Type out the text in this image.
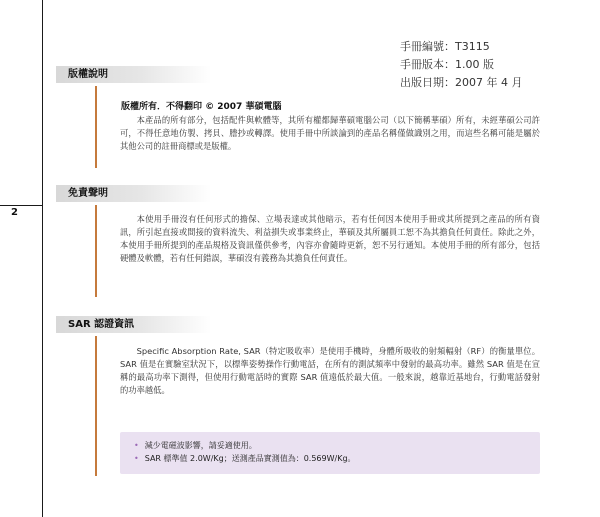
2
手冊編號：T3115
手冊版本：1.00 版
出版日期：2007 年 4 月
版權說明
版權所有．不得翻印 © 2007 華碩電腦

本產品的所有部分，包括配件與軟體等，其所有權都歸華碩電腦公司（以下簡稱華碩）所有，未經華碩公司許可，不得任意地仿製、拷貝、謄抄或轉譯。使用手冊中所談論到的產品名稱僅做識別之用，而這些名稱可能是屬於其他公司的註冊商標或是版權。

免責聲明

本使用手冊沒有任何形式的擔保、立場表達或其他暗示，若有任何因本使用手冊或其所提到之產品的所有資訊，所引起直接或間接的資料流失、利益損失或事業終止，華碩及其所屬員工恕不為其擔負任何責任。除此之外，本使用手冊所提到的產品規格及資訊僅供參考，內容亦會隨時更新，恕不另行通知。本使用手冊的所有部分，包括硬體及軟體，若有任何錯誤，華碩沒有義務為其擔負任何責任。

SAR 認證資訊

Specific Absorption Rate, SAR（特定吸收率）是使用手機時，身體所吸收的射頻輻射（RF）的衡量單位。SAR 值是在實驗室狀況下，以標準姿勢操作行動電話，在所有的測試頻率中發射的最高功率。雖然 SAR 值是在宣稱的最高功率下測得，但使用行動電話時的實際 SAR 值遠低於最大值。一般來說，越靠近基地台，行動電話發射的功率越低。

• 減少電磁波影響，請妥適使用。
• SAR 標準值 2.0W/Kg；送測產品實測值為：0.569W/Kg。
